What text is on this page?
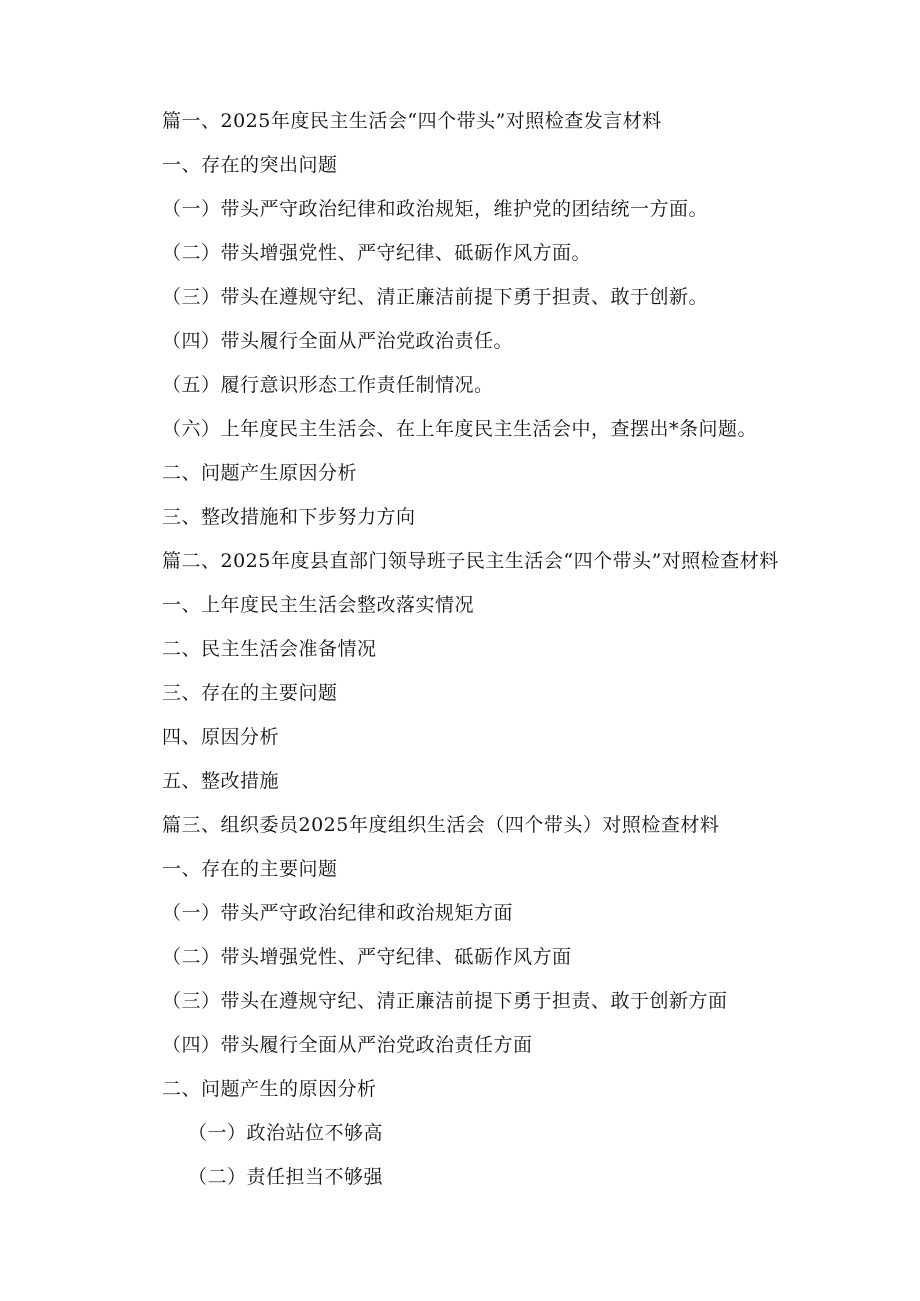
篇一、2025年度民主生活会“四个带头”对照检查发言材料
一、存在的突出问题
（一）带头严守政治纪律和政治规矩，维护党的团结统一方面。
（二）带头增强党性、严守纪律、砥砺作风方面。
（三）带头在遵规守纪、清正廉洁前提下勇于担责、敢于创新。
（四）带头履行全面从严治党政治责任。
（五）履行意识形态工作责任制情况。
（六）上年度民主生活会、在上年度民主生活会中，查摆出*条问题。
二、问题产生原因分析
三、整改措施和下步努力方向
篇二、2025年度县直部门领导班子民主生活会“四个带头”对照检查材料
一、上年度民主生活会整改落实情况
二、民主生活会准备情况
三、存在的主要问题
四、原因分析
五、整改措施
篇三、组织委员2025年度组织生活会（四个带头）对照检查材料
一、存在的主要问题
（一）带头严守政治纪律和政治规矩方面
（二）带头增强党性、严守纪律、砥砺作风方面
（三）带头在遵规守纪、清正廉洁前提下勇于担责、敢于创新方面
（四）带头履行全面从严治党政治责任方面
二、问题产生的原因分析
（一）政治站位不够高
（二）责任担当不够强
